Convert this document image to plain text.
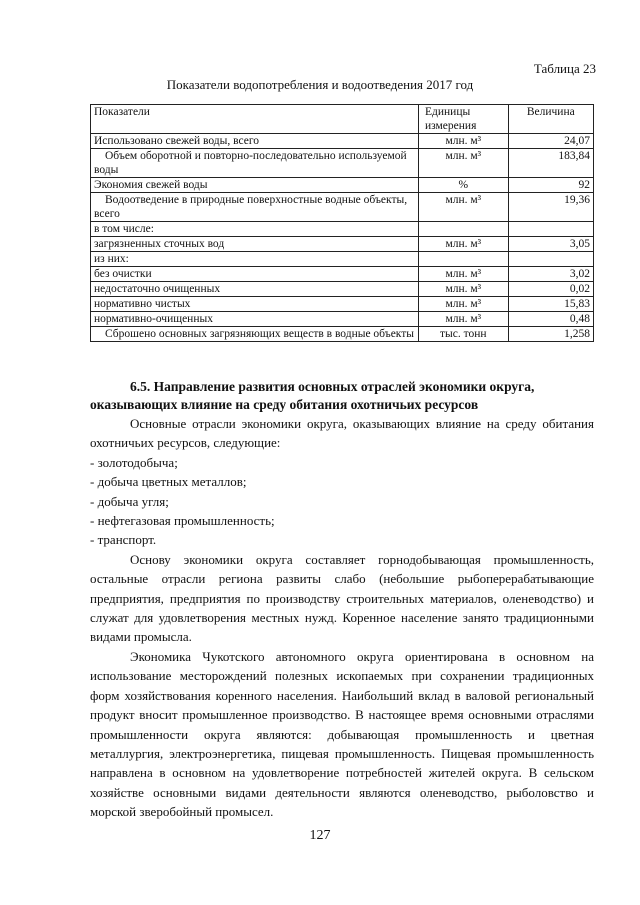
Таблица 23
Показатели водопотребления и водоотведения 2017 год
Показатели	Единицы измерения	Величина
Использовано свежей воды, всего	млн. м³	24,07
Объем оборотной и повторно-последовательно используемой воды	млн. м³	183,84
Экономия свежей воды	%	92
Водоотведение в природные поверхностные водные объекты, всего	млн. м³	19,36
в том числе:		
загрязненных сточных вод	млн. м³	3,05
из них:		
без очистки	млн. м³	3,02
недостаточно очищенных	млн. м³	0,02
нормативно чистых	млн. м³	15,83
нормативно-очищенных	млн. м³	0,48
Сброшено основных загрязняющих веществ в водные объекты	тыс. тонн	1,258
6.5. Направление развития основных отраслей экономики округа, оказывающих влияние на среду обитания охотничьих ресурсов

Основные отрасли экономики округа, оказывающих влияние на среду обитания охотничьих ресурсов, следующие:

- золотодобыча;

- добыча цветных металлов;

- добыча угля;

- нефтегазовая промышленность;

- транспорт.

Основу экономики округа составляет горнодобывающая промышленность, остальные отрасли региона развиты слабо (небольшие рыбоперерабатывающие предприятия, предприятия по производству строительных материалов, оленеводство) и служат для удовлетворения местных нужд. Коренное население занято традиционными видами промысла.

Экономика Чукотского автономного округа ориентирована в основном на использование месторождений полезных ископаемых при сохранении традиционных форм хозяйствования коренного населения. Наибольший вклад в валовой региональный продукт вносит промышленное производство. В настоящее время основными отраслями промышленности округа являются: добывающая промышленность и цветная металлургия, электроэнергетика, пищевая промышленность. Пищевая промышленность направлена в основном на удовлетворение потребностей жителей округа. В сельском хозяйстве основными видами деятельности являются оленеводство, рыболовство и морской зверобойный промысел.

127
